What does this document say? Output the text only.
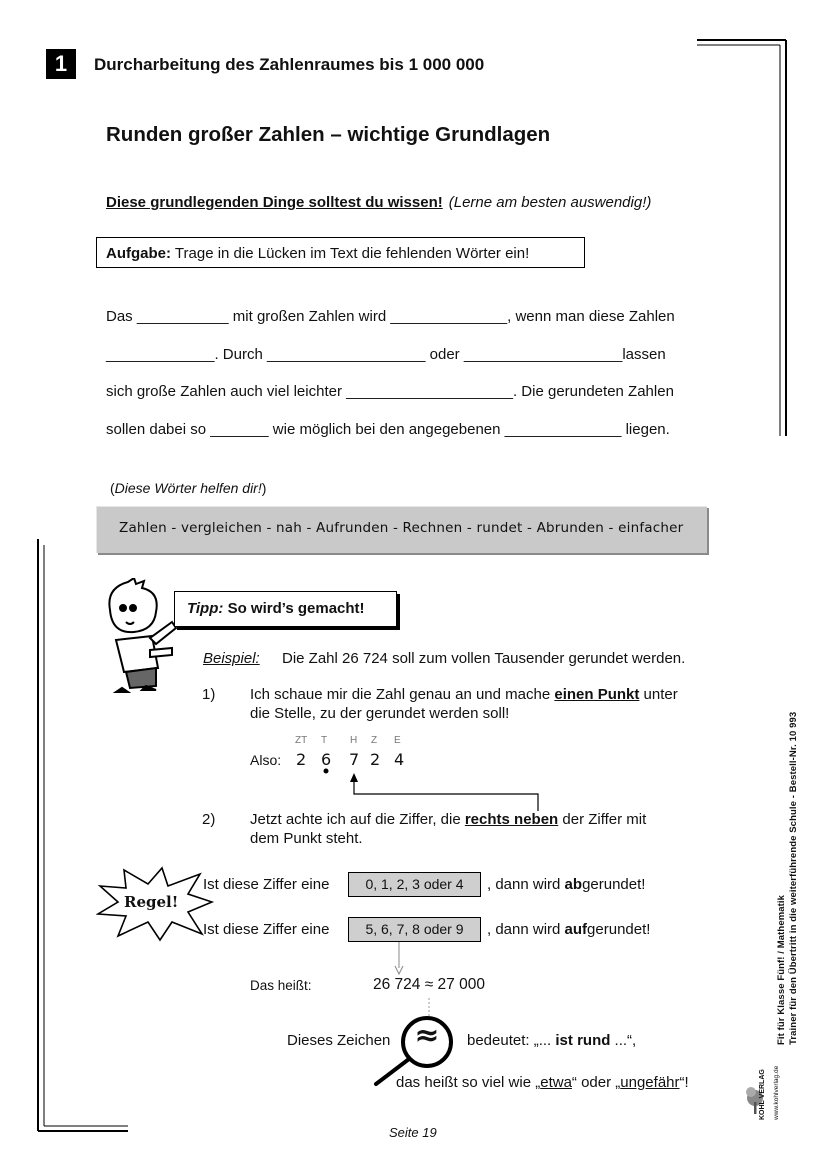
1	Durcharbeitung des Zahlenraumes bis 1 000 000
Runden großer Zahlen – wichtige Grundlagen
Diese grundlegenden Dinge solltest du wissen! (Lerne am besten auswendig!)
Aufgabe: Trage in die Lücken im Text die fehlenden Wörter ein!
Das ___________ mit großen Zahlen wird ______________, wenn man diese Zahlen
_____________. Durch ___________________ oder ___________________lassen
sich große Zahlen auch viel leichter ____________________. Die gerundeten Zahlen
sollen dabei so _______ wie möglich bei den angegebenen ______________ liegen.
(Diese Wörter helfen dir!)
Zahlen - vergleichen - nah - Aufrunden - Rechnen - rundet - Abrunden - einfacher
Tipp: So wird’s gemacht!
Beispiel: Die Zahl 26 724 soll zum vollen Tausender gerundet werden.
1) Ich schaue mir die Zahl genau an und mache einen Punkt unter
die Stelle, zu der gerundet werden soll!
ZT T H Z E
Also: 2 6 7 2 4
2) Jetzt achte ich auf die Ziffer, die rechts neben der Ziffer mit
dem Punkt steht.
Regel!
Ist diese Ziffer eine	0, 1, 2, 3 oder 4	, dann wird abgerundet!
Ist diese Ziffer eine	5, 6, 7, 8 oder 9	, dann wird aufgerundet!
Das heißt:	26 724 ≈ 27 000
Dieses Zeichen ≈ bedeutet: „... ist rund ...“,
das heißt so viel wie „etwa“ oder „ungefähr“!
Seite 19
KOHL VERLAG www.kohlverlag.de
Fit für Klasse Fünf! / Mathematik Trainer für den Übertritt in die weiterführende Schule - Bestell-Nr. 10 993
